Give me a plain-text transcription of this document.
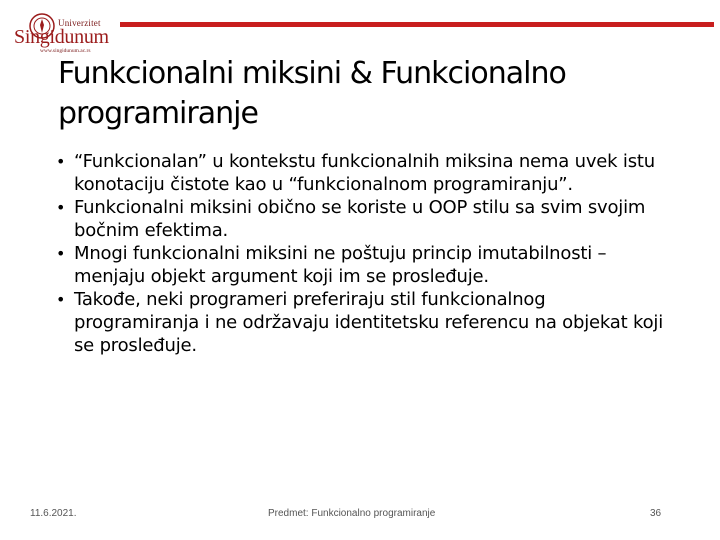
Univerzitet
Singidunum
www.singidunum.ac.rs
Funkcionalni miksini & Funkcionalno programiranje
• “Funkcionalan” u kontekstu funkcionalnih miksina nema uvek istu konotaciju čistote kao u “funkcionalnom programiranju”.
• Funkcionalni miksini obično se koriste u OOP stilu sa svim svojim bočnim efektima.
• Mnogi funkcionalni miksini ne poštuju princip imutabilnosti – menjaju objekt argument koji im se prosleđuje.
• Takođe, neki programeri preferiraju stil funkcionalnog programiranja i ne održavaju identitetsku referencu na objekat koji se prosleđuje.
11.6.2021.	Predmet: Funkcionalno programiranje	36
